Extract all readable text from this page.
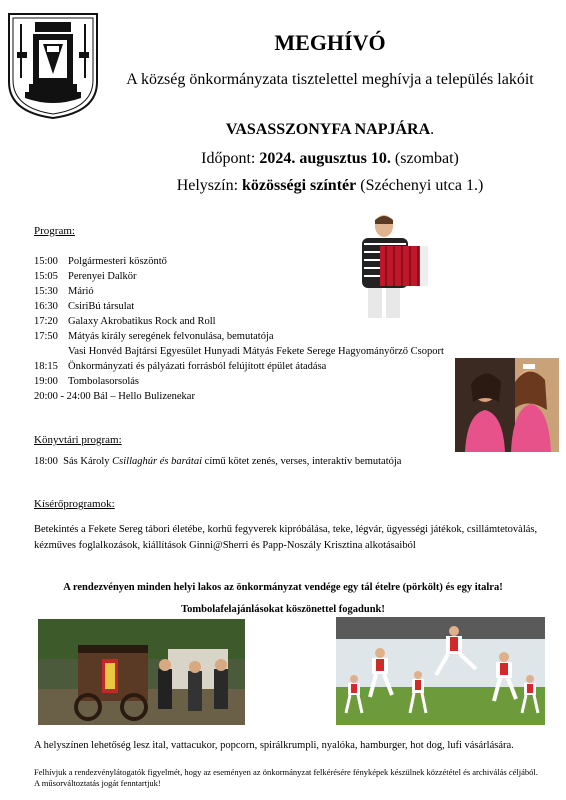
MEGHÍVÓ
A község önkormányzata tisztelettel meghívja a település lakóit
VASASSZONYFA NAPJÁRA.
Időpont: 2024. augusztus 10. (szombat)
Helyszín: közösségi színtér (Széchenyi utca 1.)
Program:
15:00 Polgármesteri köszöntő
15:05 Perenyei Dalkör
15:30 Márió
16:30 CsiriBú társulat
17:20 Galaxy Akrobatikus Rock and Roll
17:50 Mátyás király seregének felvonulása, bemutatója
Vasi Honvéd Bajtársi Egyesület Hunyadi Mátyás Fekete Serege Hagyományőrző Csoport
18:15 Önkormányzati és pályázati forrásból felújított épület átadása
19:00 Tombolasorsolás
20:00 - 24:00 Bál – Hello Bulizenekar
Könyvtári program:
18:00 Sás Károly Csillaghúr és barátai című kötet zenés, verses, interaktív bemutatója
Kísérőprogramok:
Betekintés a Fekete Sereg tábori életébe, korhű fegyverek kipróbálása, teke, légvár, ügyességi játékok, csillámtetovàlás, kézműves foglalkozások, kiállítások Ginni@Sherri és Papp-Noszály Krisztina alkotásaiból
A rendezvényen minden helyi lakos az önkormányzat vendége egy tál ételre (pörkölt) és egy italra!
Tombolafelajánlásokat köszönettel fogadunk!
A helyszínen lehetőség lesz ital, vattacukor, popcorn, spirálkrumpli, nyalóka, hamburger, hot dog, lufi vásárlására.
Felhívjuk a rendezvénylátogatók figyelmét, hogy az eseményen az önkormányzat felkérésére fényképek készülnek közzététel és archiválás céljából. A műsorváltoztatás jogát fenntartjuk!
